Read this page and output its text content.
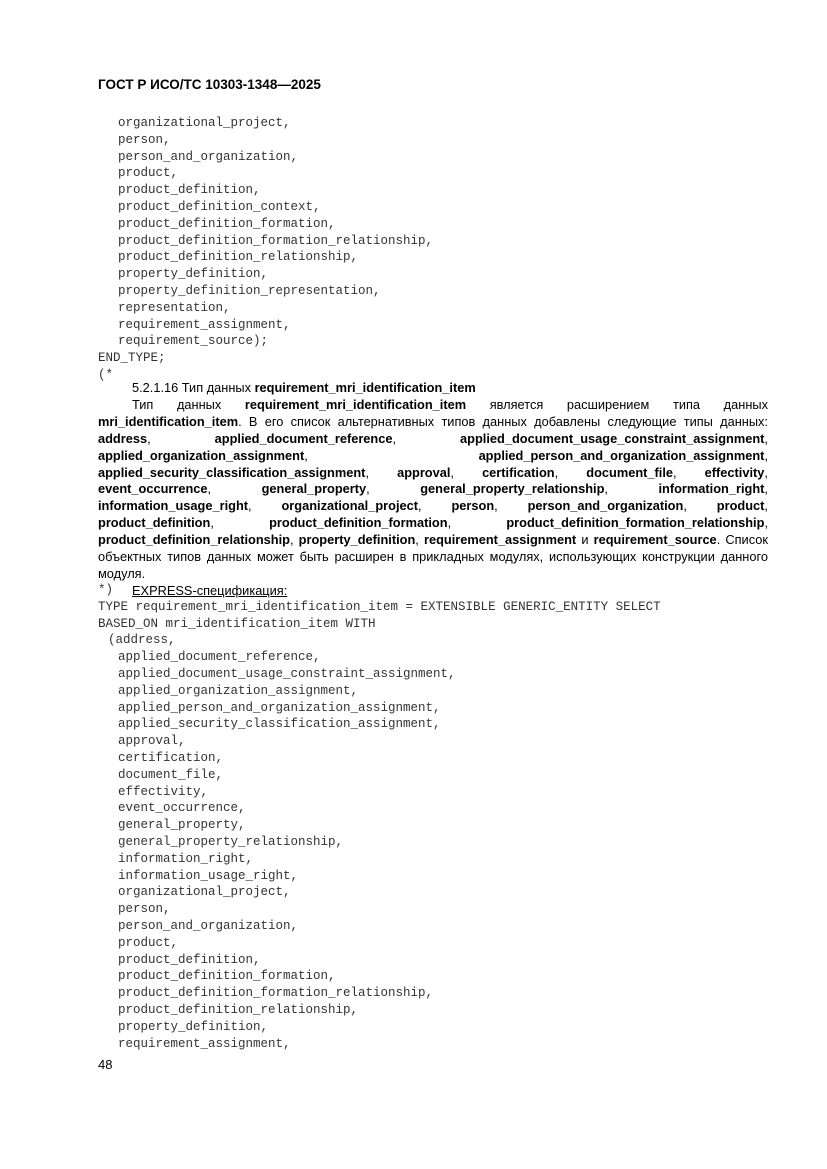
ГОСТ Р ИСО/ТС 10303-1348—2025
organizational_project,
person,
person_and_organization,
product,
product_definition,
product_definition_context,
product_definition_formation,
product_definition_formation_relationship,
product_definition_relationship,
property_definition,
property_definition_representation,
representation,
requirement_assignment,
requirement_source);
END_TYPE;
(*

5.2.1.16 Тип данных requirement_mri_identification_item

Тип данных requirement_mri_identification_item является расширением типа данных mri_identification_item. В его список альтернативных типов данных добавлены следующие типы данных: address, applied_document_reference, applied_document_usage_constraint_assignment, applied_organization_assignment, applied_person_and_organization_assignment, applied_security_classification_assignment, approval, certification, document_file, effectivity, event_occurrence, general_property, general_property_relationship, information_right, information_usage_right, organizational_project, person, person_and_organization, product, product_definition, product_definition_formation, product_definition_formation_relationship, product_definition_relationship, property_definition, requirement_assignment и requirement_source. Список объектных типов данных может быть расширен в прикладных модулях, использующих конструкции данного модуля.

EXPRESS-спецификация:

*)
TYPE requirement_mri_identification_item = EXTENSIBLE GENERIC_ENTITY SELECT
BASED_ON mri_identification_item WITH
(address,
applied_document_reference,
applied_document_usage_constraint_assignment,
applied_organization_assignment,
applied_person_and_organization_assignment,
applied_security_classification_assignment,
approval,
certification,
document_file,
effectivity,
event_occurrence,
general_property,
general_property_relationship,
information_right,
information_usage_right,
organizational_project,
person,
person_and_organization,
product,
product_definition,
product_definition_formation,
product_definition_formation_relationship,
product_definition_relationship,
property_definition,
requirement_assignment,
48
